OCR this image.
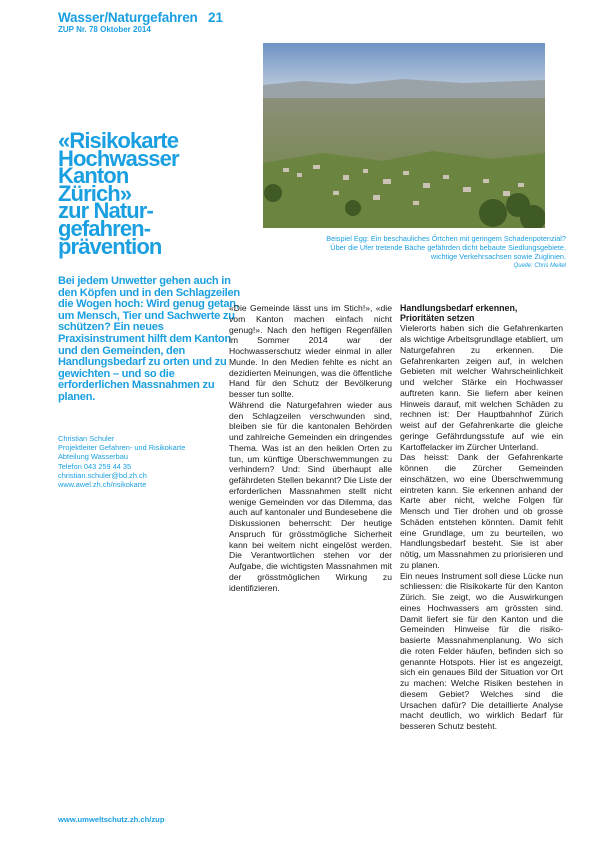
Wasser/Naturgefahren 21
ZUP Nr. 78 Oktober 2014
Beispiel Egg: Ein beschauliches Örtchen mit geringem Schadenpotenzial?
Über die Ufer tretende Bäche gefährden dicht bebaute Siedlungsgebiete,
wichtige Verkehrsachsen sowie Zuglinien.
Quelle: Chris Meitel
«Risikokarte
Hochwasser
Kanton
Zürich»
zur Natur-
gefahren-
prävention

Bei jedem Unwetter gehen auch in den Köpfen und in den Schlagzeilen die Wogen hoch: Wird genug getan, um Mensch, Tier und Sachwerte zu schützen? Ein neues Praxisinstrument hilft dem Kanton und den Gemeinden, den Handlungsbedarf zu orten und zu gewichten – und so die erforderlichen Massnahmen zu planen.

Christian Schuler
Projektleiter Gefahren- und Risikokarte
Abteilung Wasserbau
Telefon 043 259 44 35
christian.schuler@bd.zh.ch
www.awel.zh.ch/risikokarte

«Die Gemeinde lässt uns im Stich!», «die vom Kanton machen einfach nicht genug!». Nach den heftigen Regenfällen im Sommer 2014 war der Hochwasserschutz wieder einmal in aller Munde. In den Medien fehlte es nicht an dezidierten Meinungen, was die öffentliche Hand für den Schutz der Bevölkerung besser tun sollte.

Während die Naturgefahren wieder aus den Schlagzeilen verschwunden sind, bleiben sie für die kantonalen Behörden und zahlreiche Gemeinden ein dringendes Thema. Was ist an den heiklen Orten zu tun, um künftige Überschwemmungen zu verhindern? Und: Sind überhaupt alle gefährdeten Stellen bekannt? Die Liste der erforderlichen Massnahmen stellt nicht wenige Gemeinden vor das Dilemma, das auch auf kantonaler und Bundesebene die Diskussionen beherrscht: Der heutige Anspruch für grösstmögliche Sicherheit kann bei weitem nicht eingelöst werden. Die Verantwortlichen stehen vor der Aufgabe, die wichtigsten Massnahmen mit der grösstmöglichen Wirkung zu identifizieren.

Handlungsbedarf erkennen, Prioritäten setzen

Vielerorts haben sich die Gefahrenkarten als wichtige Arbeitsgrundlage etabliert, um Naturgefahren zu erkennen. Die Gefahrenkarten zeigen auf, in welchen Gebieten mit welcher Wahrscheinlichkeit und welcher Stärke ein Hochwasser auftreten kann. Sie liefern aber keinen Hinweis darauf, mit welchen Schäden zu rechnen ist: Der Hauptbahnhof Zürich weist auf der Gefahrenkarte die gleiche geringe Gefährdungsstufe auf wie ein Kartoffelacker im Zürcher Unterland.

Das heisst: Dank der Gefahrenkarte können die Zürcher Gemeinden einschätzen, wo eine Überschwemmung eintreten kann. Sie erkennen anhand der Karte aber nicht, welche Folgen für Mensch und Tier drohen und ob grosse Schäden entstehen könnten. Damit fehlt eine Grundlage, um zu beurteilen, wo Handlungsbedarf besteht. Sie ist aber nötig, um Massnahmen zu priorisieren und zu planen.

Ein neues Instrument soll diese Lücke nun schliessen: die Risikokarte für den Kanton Zürich. Sie zeigt, wo die Auswirkungen eines Hochwassers am grössten sind. Damit liefert sie für den Kanton und die Gemeinden Hinweise für die risiko-basierte Massnahmenplanung. Wo sich die roten Felder häufen, befinden sich so genannte Hotspots. Hier ist es angezeigt, sich ein genaues Bild der Situation vor Ort zu machen: Welche Risiken bestehen in diesem Gebiet? Welches sind die Ursachen dafür? Die detaillierte Analyse macht deutlich, wo wirklich Bedarf für besseren Schutz besteht.

www.umweltschutz.zh.ch/zup
